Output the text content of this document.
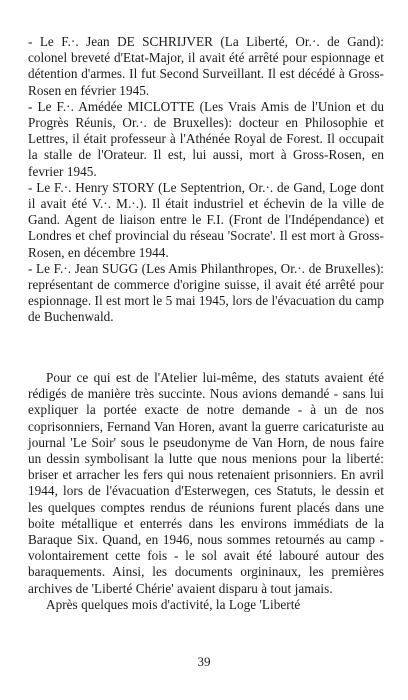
- Le F.·. Jean DE SCHRIJVER (La Liberté, Or.·. de Gand): colonel breveté d'Etat-Major, il avait été arrêté pour espionnage et détention d'armes. Il fut Second Surveillant. Il est décédé à Gross-Rosen en février 1945.

- Le F.·. Amédée MICLOTTE (Les Vrais Amis de l'Union et du Progrès Réunis, Or.·. de Bruxelles): docteur en Philosophie et Lettres, il était professeur à l'Athénée Royal de Forest. Il occupait la stalle de l'Orateur. Il est, lui aussi, mort à Gross-Rosen, en fevrier 1945.

- Le F.·. Henry STORY (Le Septentrion, Or.·. de Gand, Loge dont il avait été V.·. M.·.). Il était industriel et échevin de la ville de Gand. Agent de liaison entre le F.I. (Front de l'Indépendance) et Londres et chef provincial du réseau 'Socrate'. Il est mort à Gross-Rosen, en décembre 1944.

- Le F.·. Jean SUGG (Les Amis Philanthropes, Or.·. de Bruxelles): représentant de commerce d'origine suisse, il avait été arrêté pour espionnage. Il est mort le 5 mai 1945, lors de l'évacuation du camp de Buchenwald.

Pour ce qui est de l'Atelier lui-même, des statuts avaient été rédigés de manière très succinte. Nous avions demandé - sans lui expliquer la portée exacte de notre demande - à un de nos coprisonniers, Fernand Van Horen, avant la guerre caricaturiste au journal 'Le Soir' sous le pseudonyme de Van Horn, de nous faire un dessin symbolisant la lutte que nous menions pour la liberté: briser et arracher les fers qui nous retenaient prisonniers. En avril 1944, lors de l'évacuation d'Esterwegen, ces Statuts, le dessin et les quelques comptes rendus de réunions furent placés dans une boite métallique et enterrés dans les environs immédiats de la Baraque Six. Quand, en 1946, nous sommes retournés au camp - volontairement cette fois - le sol avait été labouré autour des baraquements. Ainsi, les documents orgininaux, les premières archives de 'Liberté Chérie' avaient disparu à tout jamais.

Après quelques mois d'activité, la Loge 'Liberté

39
